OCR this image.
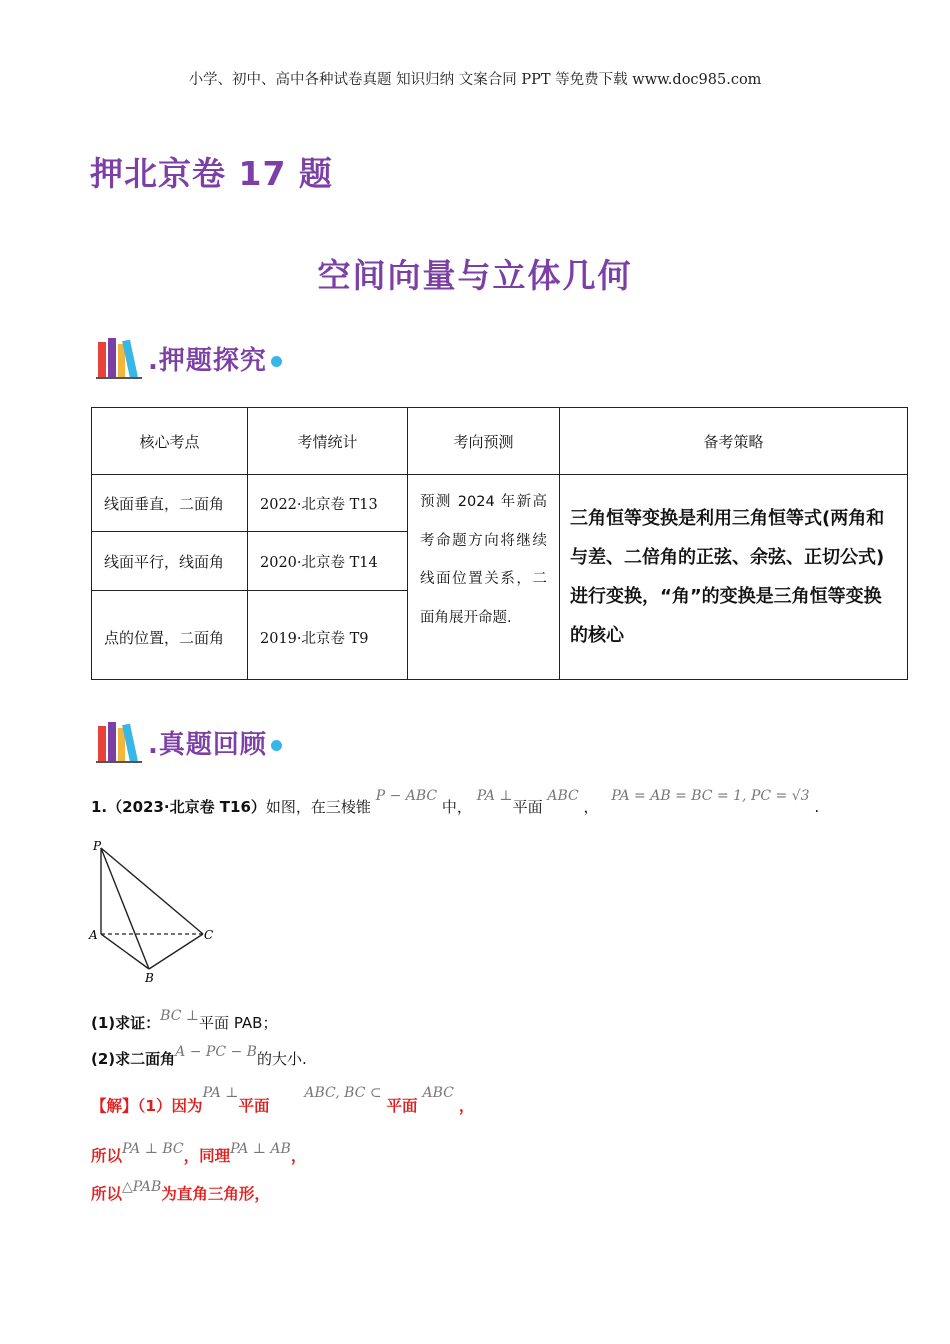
小学、初中、高中各种试卷真题 知识归纳 文案合同 PPT 等免费下载 www.doc985.com
押北京卷 17 题
空间向量与立体几何
.押题探究
核心考点	考情统计	考向预测	备考策略
线面垂直，二面角	2022·北京卷 T13	预测 2024 年新高考命题方向将继续线面位置关系，二面角展开命题.	三角恒等变换是利用三角恒等式(两角和与差、二倍角的正弦、余弦、正切公式)进行变换，“角”的变换是三角恒等变换的核心
线面平行，线面角	2020·北京卷 T14		
点的位置，二面角	2019·北京卷 T9		
.真题回顾
1.（2023·北京卷 T16）如图，在三棱锥 P − ABC 中， PA ⊥平面 ABC ， PA = AB = BC = 1, PC = √3 .
P
A
B
C
(1)求证：BC ⊥平面 PAB；
(2)求二面角A − PC − B的大小.
【解】（1）因为PA ⊥平面 ABC, BC ⊂ 平面 ABC ，
所以PA ⊥ BC，同理PA ⊥ AB，
所以△PAB为直角三角形，
